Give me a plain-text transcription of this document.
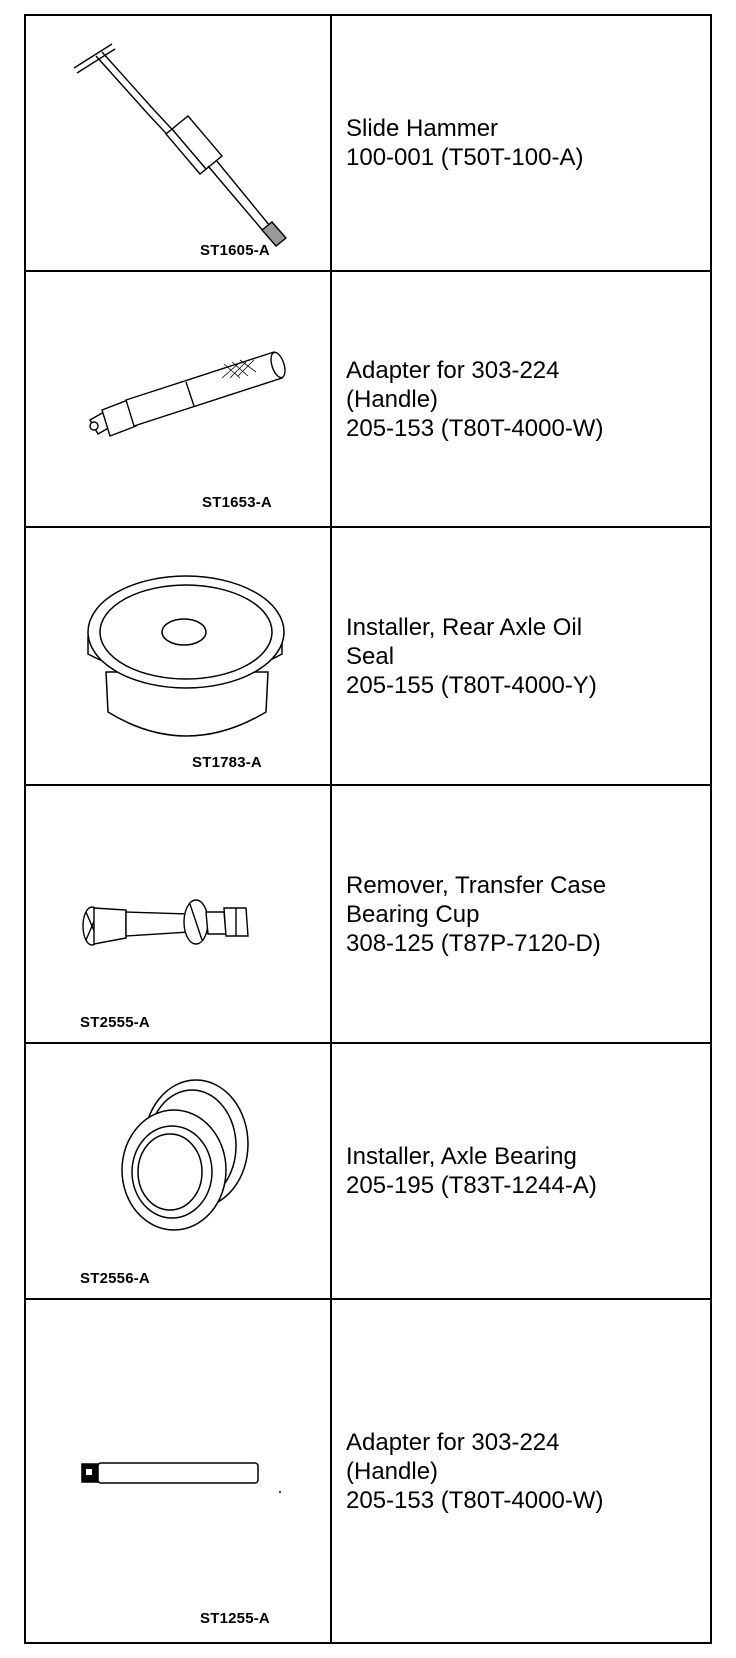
ST1605-A
Slide Hammer
100-001 (T50T-100-A)
ST1653-A
Adapter for 303-224
(Handle)
205-153 (T80T-4000-W)
ST1783-A
Installer, Rear Axle Oil
Seal
205-155 (T80T-4000-Y)
ST2555-A
Remover, Transfer Case
Bearing Cup
308-125 (T87P-7120-D)
ST2556-A
Installer, Axle Bearing
205-195 (T83T-1244-A)
ST1255-A
Adapter for 303-224
(Handle)
205-153 (T80T-4000-W)
